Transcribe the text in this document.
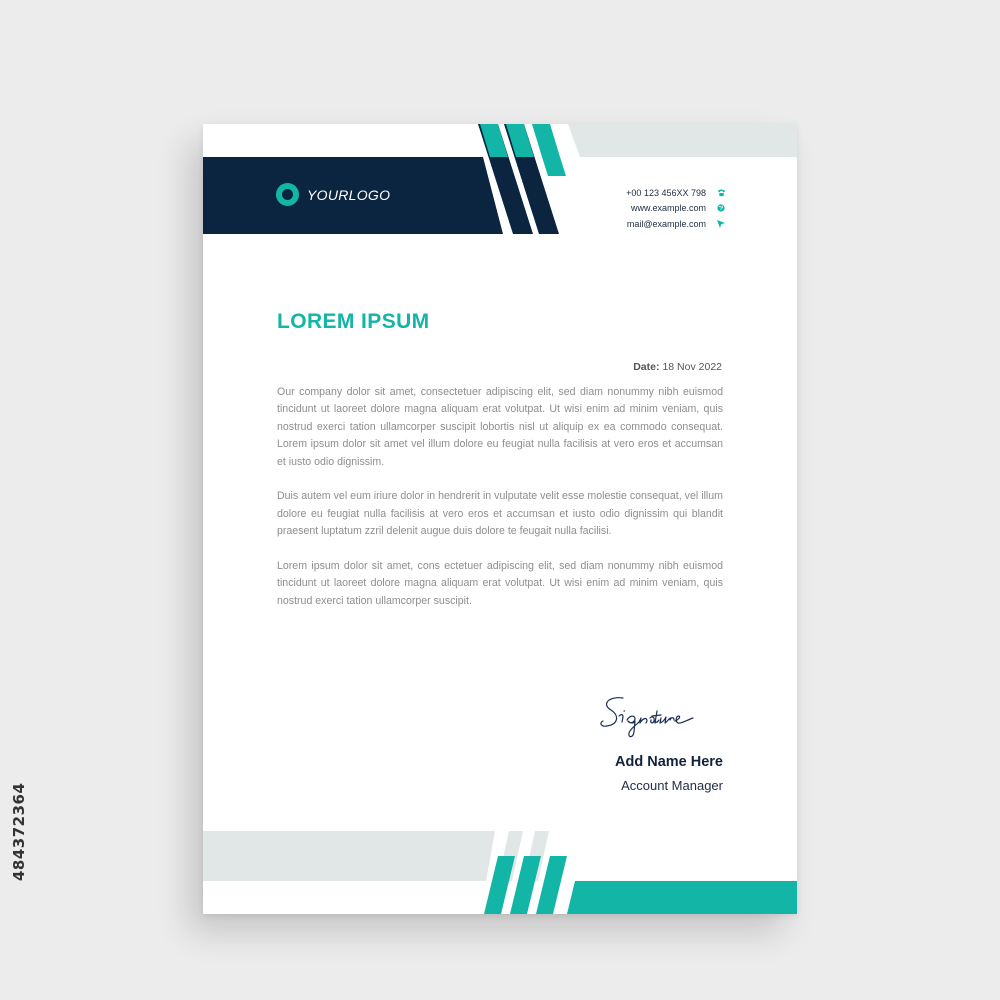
484372364
YOURLOGO	+00 123 456XX 798
www.example.com
mail@example.com
LOREM IPSUM
Date: 18 Nov 2022

Our company dolor sit amet, consectetuer adipiscing elit, sed diam nonummy nibh euismod tincidunt ut laoreet dolore magna aliquam erat volutpat. Ut wisi enim ad minim veniam, quis nostrud exerci tation ullamcorper suscipit lobortis nisl ut aliquip ex ea commodo consequat. Lorem ipsum dolor sit amet vel illum dolore eu feugiat nulla facilisis at vero eros et accumsan et iusto odio dignissim.

Duis autem vel eum iriure dolor in hendrerit in vulputate velit esse molestie consequat, vel illum dolore eu feugiat nulla facilisis at vero eros et accumsan et iusto odio dignissim qui blandit praesent luptatum zzril delenit augue duis dolore te feugait nulla facilisi.

Lorem ipsum dolor sit amet, cons ectetuer adipiscing elit, sed diam nonummy nibh euismod tincidunt ut laoreet dolore magna aliquam erat volutpat. Ut wisi enim ad minim veniam, quis nostrud exerci tation ullamcorper suscipit.

Add Name Here
Account Manager
